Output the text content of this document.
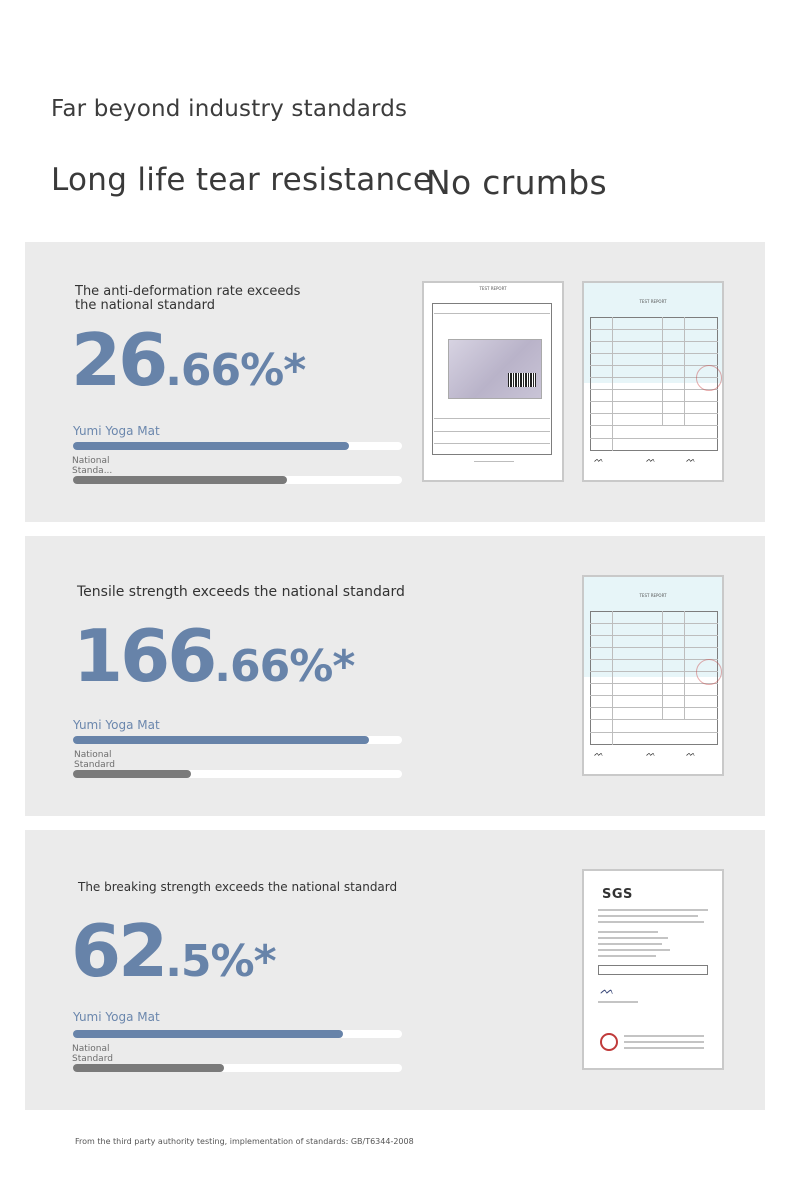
Far beyond industry standards
Long life tear resistance
No crumbs
The anti-deformation rate exceeds the national standard
26.66%*
Yumi Yoga Mat
National Standa...
TEST REPORT
TEST REPORT
ᨓ	ᨓ	ᨓ
Tensile strength exceeds the national standard
166.66%*
Yumi Yoga Mat
National Standard
TEST REPORT
ᨓ	ᨓ	ᨓ
The breaking strength exceeds the national standard
62.5%*
Yumi Yoga Mat
National Standard
SGS
ᨓ
From the third party authority testing, implementation of standards: GB/T6344-2008
